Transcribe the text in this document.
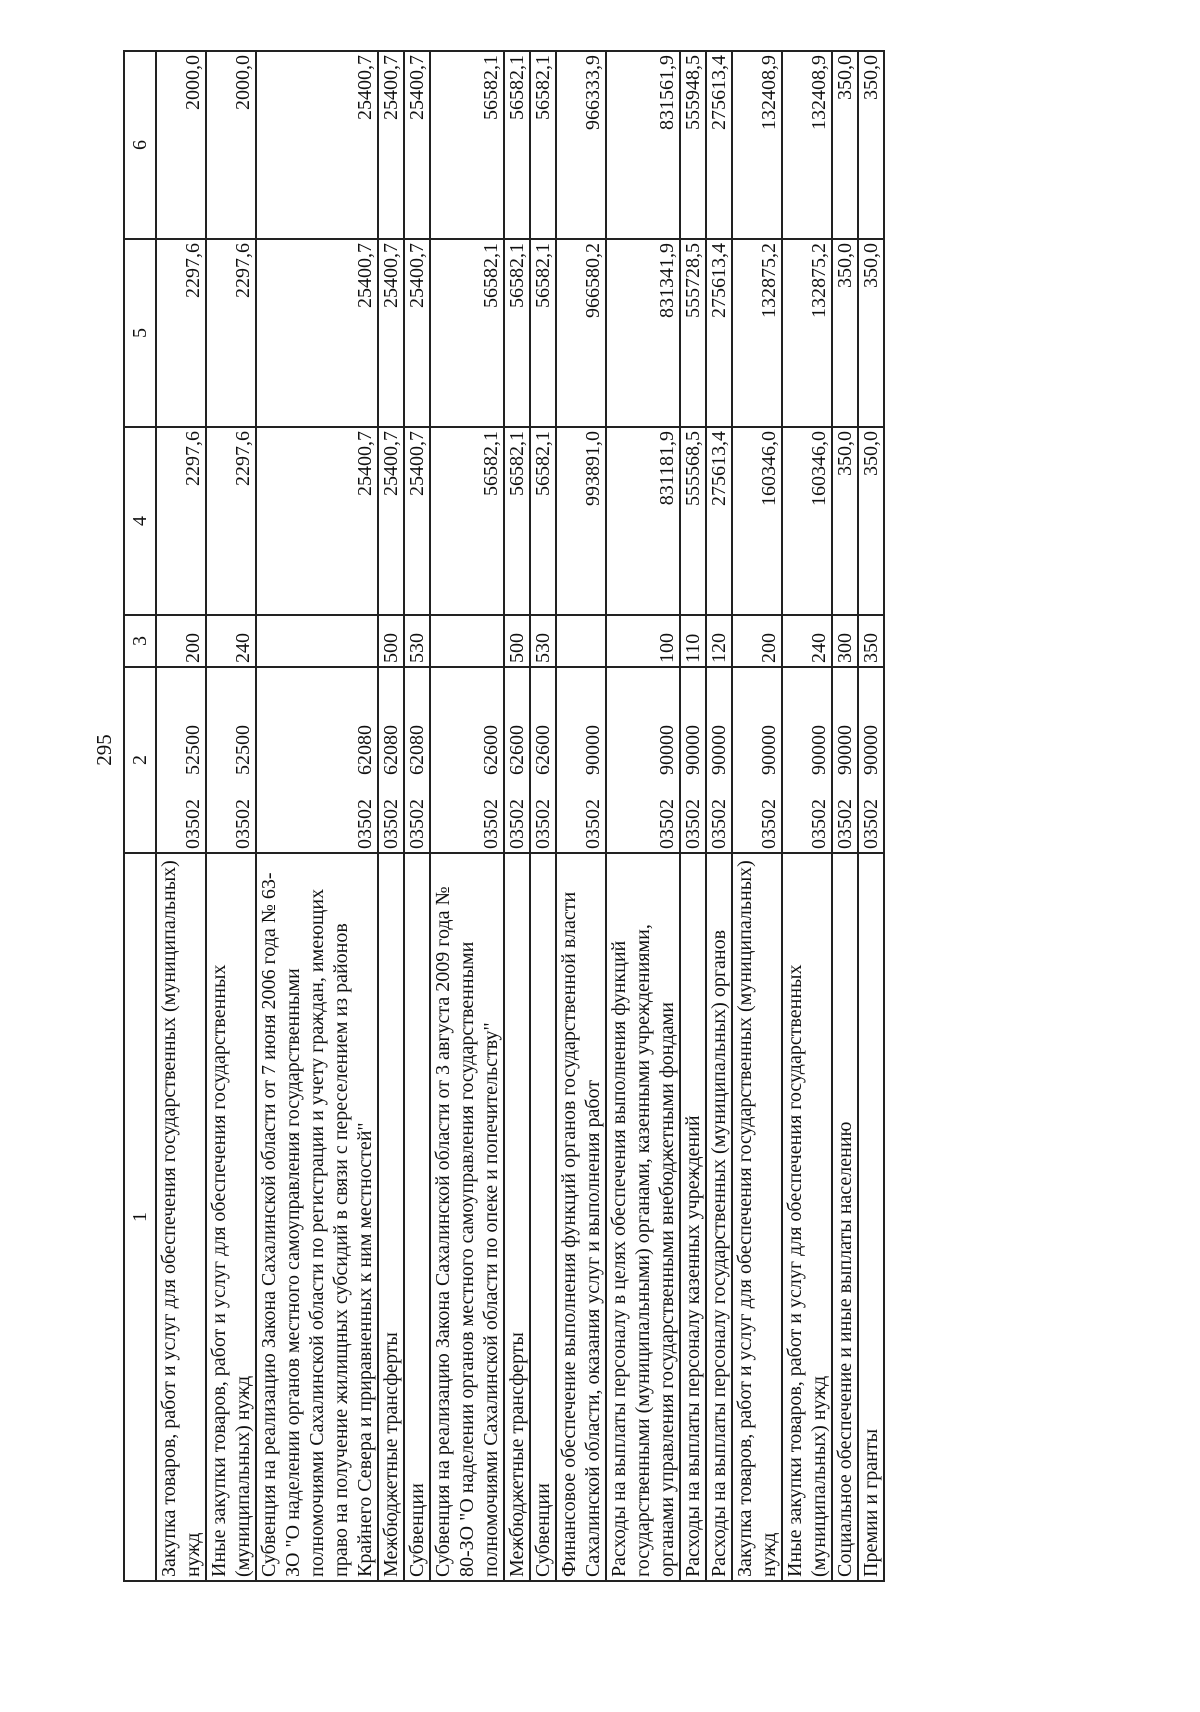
295
1	2	3	4	5	6
Закупка товаров, работ и услуг для обеспечения государственных (муниципальных) нужд	0350252500	200	2297,6	2297,6	2000,0
Иные закупки товаров, работ и услуг для обеспечения государственных (муниципальных) нужд	0350252500	240	2297,6	2297,6	2000,0
Субвенция на реализацию Закона Сахалинской области от 7 июня 2006 года № 63-ЗО "О наделении органов местного самоуправления государственными полномочиями Сахалинской области по регистрации и учету граждан, имеющих право на получение жилищных субсидий в связи с переселением из районов Крайнего Севера и приравненных к ним местностей"	0350262080		25400,7	25400,7	25400,7
Межбюджетные трансферты	0350262080	500	25400,7	25400,7	25400,7
Субвенции	0350262080	530	25400,7	25400,7	25400,7
Субвенция на реализацию Закона Сахалинской области от 3 августа 2009 года № 80-ЗО "О наделении органов местного самоуправления государственными полномочиями Сахалинской области по опеке и попечительству"	0350262600		56582,1	56582,1	56582,1
Межбюджетные трансферты	0350262600	500	56582,1	56582,1	56582,1
Субвенции	0350262600	530	56582,1	56582,1	56582,1
Финансовое обеспечение выполнения функций органов государственной власти Сахалинской области, оказания услуг и выполнения работ	0350290000		993891,0	966580,2	966333,9
Расходы на выплаты персоналу в целях обеспечения выполнения функций государственными (муниципальными) органами, казенными учреждениями, органами управления государственными внебюджетными фондами	0350290000	100	831181,9	831341,9	831561,9
Расходы на выплаты персоналу казенных учреждений	0350290000	110	555568,5	555728,5	555948,5
Расходы на выплаты персоналу государственных (муниципальных) органов	0350290000	120	275613,4	275613,4	275613,4
Закупка товаров, работ и услуг для обеспечения государственных (муниципальных) нужд	0350290000	200	160346,0	132875,2	132408,9
Иные закупки товаров, работ и услуг для обеспечения государственных (муниципальных) нужд	0350290000	240	160346,0	132875,2	132408,9
Социальное обеспечение и иные выплаты населению	0350290000	300	350,0	350,0	350,0
Премии и гранты	0350290000	350	350,0	350,0	350,0
